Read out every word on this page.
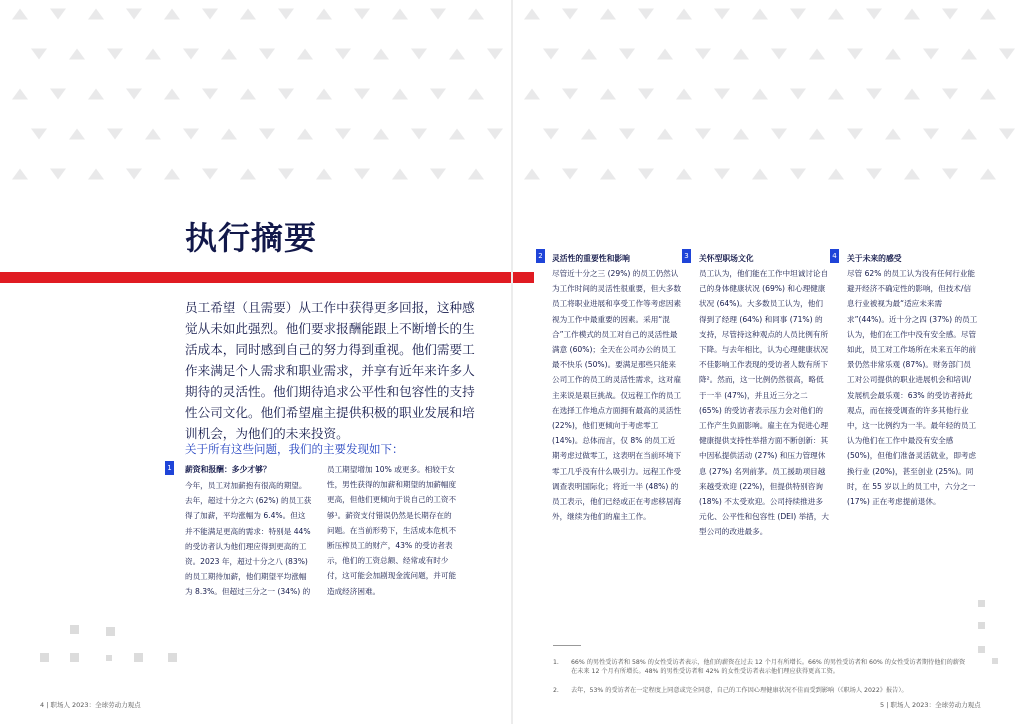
执行摘要
员工希望（且需要）从工作中获得更多回报，这种感觉从未如此强烈。他们要求报酬能跟上不断增长的生活成本，同时感到自己的努力得到重视。他们需要工作来满足个人需求和职业需求，并享有近年来许多人期待的灵活性。他们期待追求公平性和包容性的支持性公司文化。他们希望雇主提供积极的职业发展和培训机会，为他们的未来投资。
关于所有这些问题，我们的主要发现如下：
1 薪资和报酬：多少才够？
今年，员工对加薪抱有很高的期望。去年，超过十分之六 (62%) 的员工获得了加薪，平均涨幅为 6.4%。但这并不能满足更高的需求：特别是 44% 的受访者认为他们理应得到更高的工资。2023 年，超过十分之八 (83%) 的员工期待加薪，他们期望平均涨幅为 8.3%。但超过三分之一 (34%) 的
员工期望增加 10% 或更多。相较于女性，男性获得的加薪和期望的加薪幅度更高，但他们更倾向于说自己的工资不够¹。薪资支付错误仍然是长期存在的问题。在当前形势下，生活成本危机不断压榨员工的财产，43% 的受访者表示，他们的工资总额、经常或有时少付，这可能会加剧现金流问题，并可能造成经济困难。
4 | 职场人 2023：全球劳动力观点
2 灵活性的重要性和影响
尽管近十分之三 (29%) 的员工仍然认为工作时间的灵活性很重要，但大多数员工将职业进展和享受工作等考虑因素视为工作中最重要的因素。采用“混合”工作模式的员工对自己的灵活性最满意 (60%)；全天在公司办公的员工最不快乐 (50%)。要满足那些只能来公司工作的员工的灵活性需求，这对雇主来说是艰巨挑战。仅远程工作的员工在选择工作地点方面拥有最高的灵活性 (22%)，他们更倾向于考虑零工 (14%)。总体而言，仅 8% 的员工近期考虑过做零工，这表明在当前环境下零工几乎没有什么吸引力。远程工作受调查表明国际化；将近一半 (48%) 的员工表示，他们已经或正在考虑移居海外，继续为他们的雇主工作。
3 关怀型职场文化
员工认为，他们能在工作中坦诚讨论自己的身体健康状况 (69%) 和心理健康状况 (64%)。大多数员工认为，他们得到了经理 (64%) 和同事 (71%) 的支持，尽管持这种观点的人员比例有所下降。与去年相比，认为心理健康状况不佳影响工作表现的受访者人数有所下降²。然而，这一比例仍然很高，略低于一半 (47%)，并且近三分之二 (65%) 的受访者表示压力会对他们的工作产生负面影响。雇主在为促进心理健康提供支持性举措方面不断创新：其中因私提供活动 (27%) 和压力管理休息 (27%) 名列前茅。员工援助项目越来越受欢迎 (22%)，但提供特别咨询 (18%) 不太受欢迎。公司持续推进多元化、公平性和包容性 (DEI) 举措，大型公司的改进最多。
4 关于未来的感受
尽管 62% 的员工认为没有任何行业能避开经济不确定性的影响，但技术/信息行业被视为最“适应未来需求”(44%)。近十分之四 (37%) 的员工认为，他们在工作中没有安全感。尽管如此，员工对工作场所在未来五年的前景仍然非常乐观 (87%)。财务部门员工对公司提供的职业进展机会和培训/发展机会最乐观：63% 的受访者持此观点，而在接受调查的许多其他行业中，这一比例约为一半。最年轻的员工认为他们在工作中最没有安全感 (50%)，但他们准备灵活就业，即考虑换行业 (20%)，甚至创业 (25%)。同时，在 55 岁以上的员工中，六分之一 (17%) 正在考虑提前退休。
1. 66% 的男性受访者和 58% 的女性受访者表示，他们的薪资在过去 12 个月有所增长。66% 的男性受访者和 60% 的女性受访者期待他们的薪资在未来 12 个月有所增长。48% 的男性受访者和 42% 的女性受访者表示他们理应获得更高工资。
2. 去年，53% 的受访者在一定程度上同意或完全同意，自己的工作因心理健康状况不佳而受到影响（《职场人 2022》报告）。
5 | 职场人 2023：全球劳动力观点
